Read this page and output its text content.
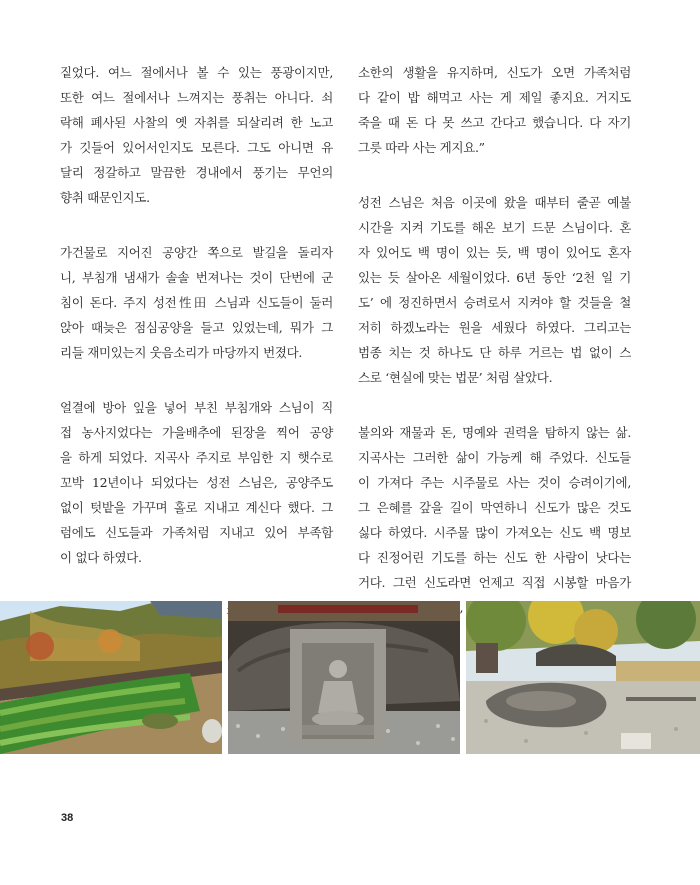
짙었다. 여느 절에서나 볼 수 있는 풍광이지만,
또한 여느 절에서나 느껴지는 풍취는 아니다. 쇠
락해 폐사된 사찰의 옛 자취를 되살리려 한 노고
가 깃들어 있어서인지도 모른다. 그도 아니면 유
달리 정갈하고 말끔한 경내에서 풍기는 무언의
향취 때문인지도.
가건물로 지어진 공양간 쪽으로 발길을 돌리자
니, 부침개 냄새가 솔솔 번져나는 것이 단번에 군
침이 돈다. 주지 성전性田 스님과 신도들이 둘러
앉아 때늦은 점심공양을 들고 있었는데, 뭐가 그
리들 재미있는지 웃음소리가 마당까지 번졌다.
얼결에 방아 잎을 넣어 부친 부침개와 스님이 직
접 농사지었다는 가을배추에 된장을 찍어 공양
을 하게 되었다. 지곡사 주지로 부임한 지 햇수로
꼬박 12년이나 되었다는 성전 스님은, 공양주도
없이 텃밭을 가꾸며 홀로 지내고 계신다 했다. 그
럼에도 신도들과 가족처럼 지내고 있어 부족함
이 없다 하였다.
소한의 생활을 유지하며, 신도가 오면 가족처럼
다 같이 밥 해먹고 사는 게 제일 좋지요. 거지도
죽을 때 돈 다 못 쓰고 간다고 했습니다. 다 자기
그릇 따라 사는 게지요.”
성전 스님은 처음 이곳에 왔을 때부터 줄곧 예불
시간을 지켜 기도를 해온 보기 드문 스님이다. 혼
자 있어도 백 명이 있는 듯, 백 명이 있어도 혼자
있는 듯 살아온 세월이었다. 6년 동안 ‘2천 일 기
도’ 에 정진하면서 승려로서 지켜야 할 것들을 철
저히 하겠노라는 원을 세웠다 하였다. 그리고는
범종 치는 것 하나도 단 하루 거르는 법 없이 스
스로 ‘현실에 맞는 법문’ 처럼 살았다.
불의와 재물과 돈, 명예와 권력을 탐하지 않는 삶.
지곡사는 그러한 삶이 가능케 해 주었다. 신도들
이 가져다 주는 시주물로 사는 것이 승려이기에,
그 은혜를 갚을 길이 막연하니 신도가 많은 것도
싫다 하였다. 시주물 많이 가져오는 신도 백 명보
다 진정어린 기도를 하는 신도 한 사람이 낫다는
거다. 그런 신도라면 언제고 직접 시봉할 마음가
38
